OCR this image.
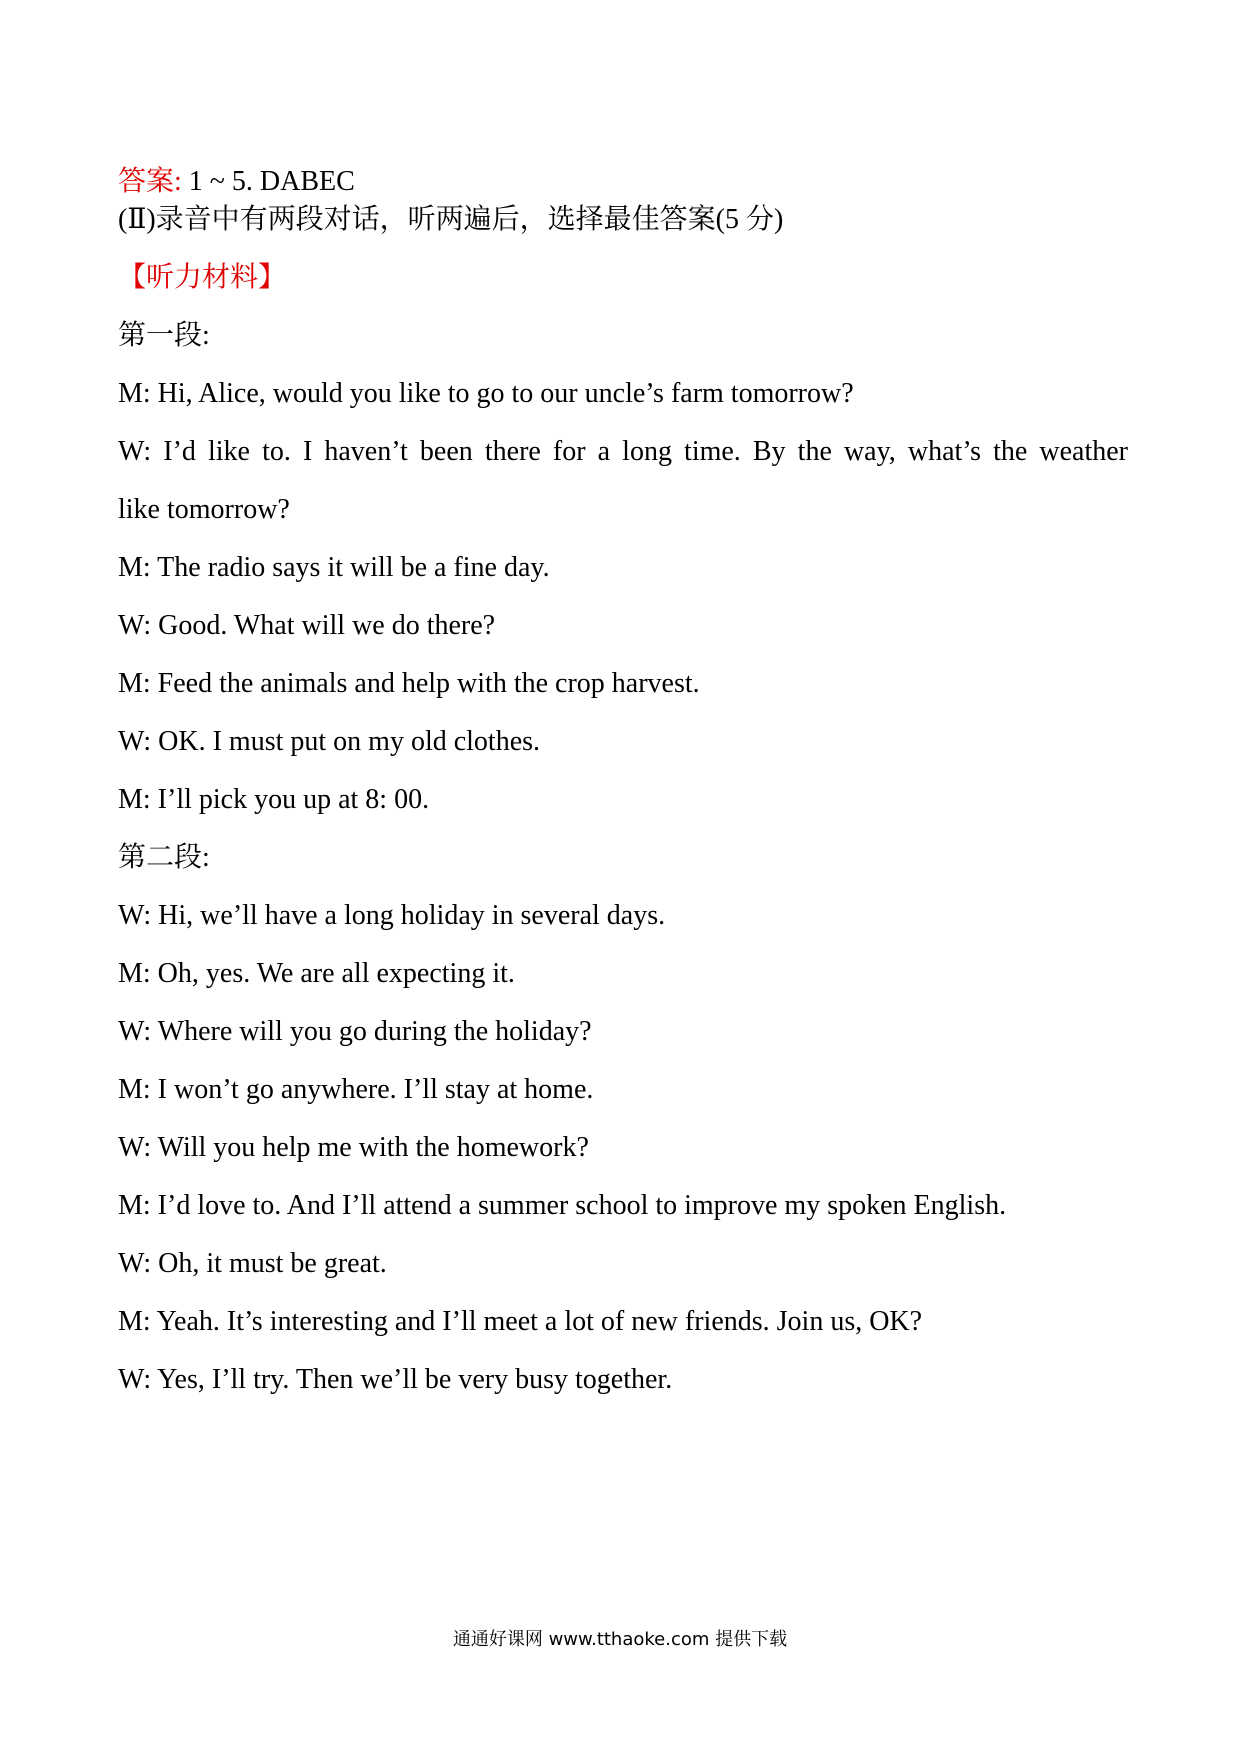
答案: 1 ~ 5. DABEC
(Ⅱ)录音中有两段对话，听两遍后，选择最佳答案(5 分)
【听力材料】
第一段:
M: Hi, Alice, would you like to go to our uncle’s farm tomorrow?
W: I’d like to. I haven’t been there for a long time. By the way, what’s the weather
like tomorrow?
M: The radio says it will be a fine day.
W: Good. What will we do there?
M: Feed the animals and help with the crop harvest.
W: OK. I must put on my old clothes.
M: I’ll pick you up at 8: 00.
第二段:
W: Hi, we’ll have a long holiday in several days.
M: Oh, yes. We are all expecting it.
W: Where will you go during the holiday?
M: I won’t go anywhere. I’ll stay at home.
W: Will you help me with the homework?
M: I’d love to. And I’ll attend a summer school to improve my spoken English.
W: Oh, it must be great.
M: Yeah. It’s interesting and I’ll meet a lot of new friends. Join us, OK?
W: Yes, I’ll try. Then we’ll be very busy together.
通通好课网 www.tthaoke.com 提供下载
